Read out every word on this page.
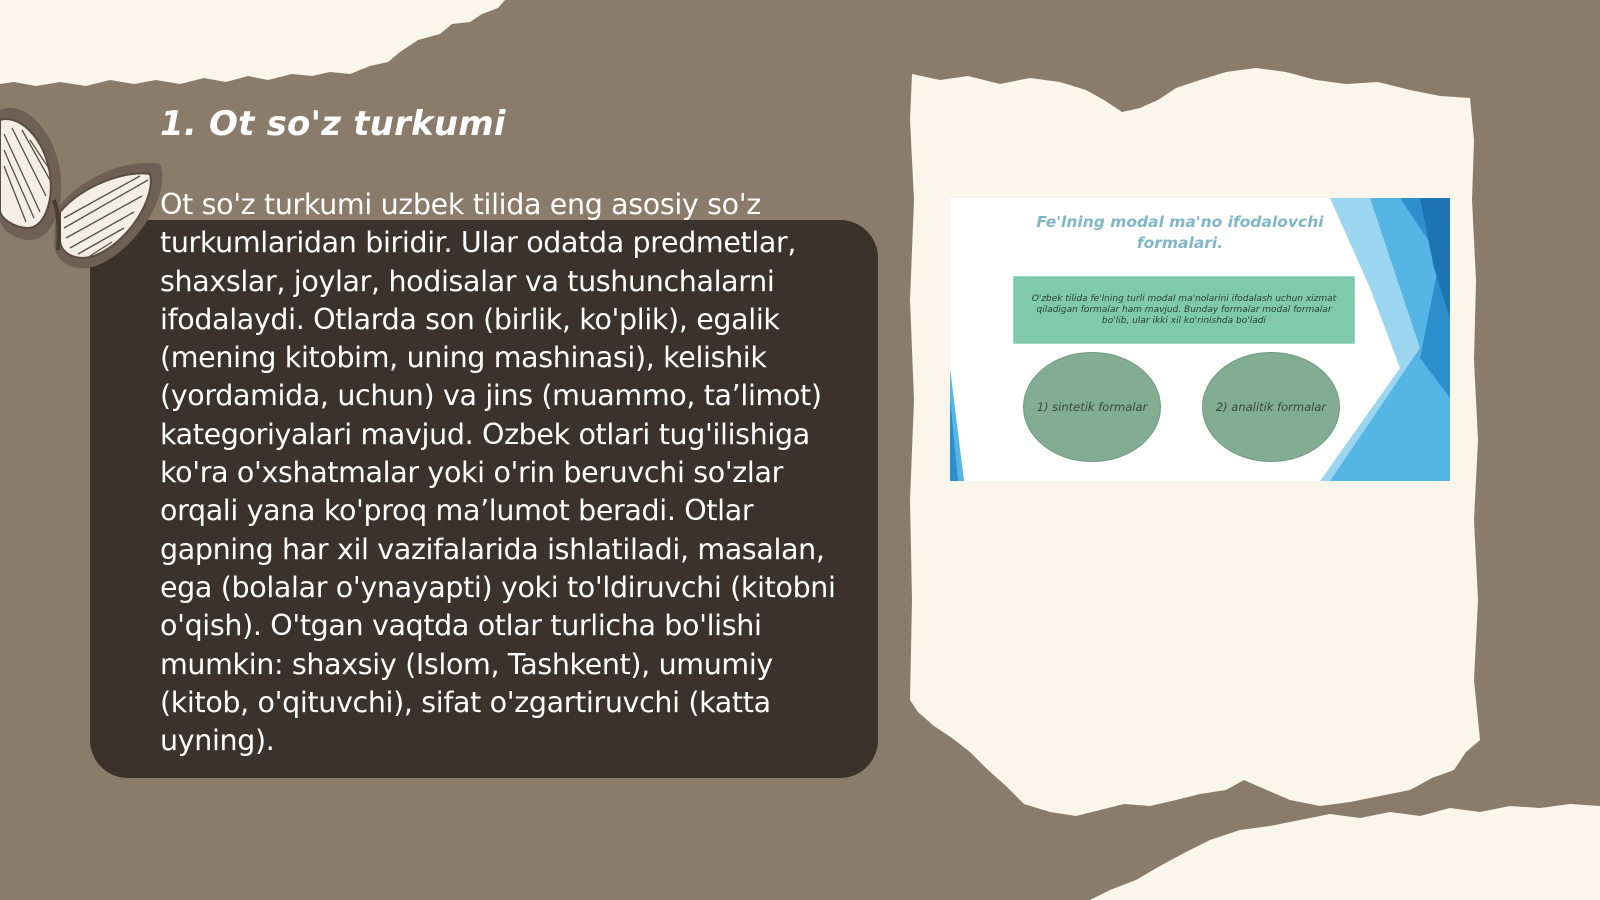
1. Ot so'z turkumi

Ot so'z turkumi uzbek tilida eng asosiy so'z turkumlaridan biridir. Ular odatda predmetlar, shaxslar, joylar, hodisalar va tushunchalarni ifodalaydi. Otlarda son (birlik, ko'plik), egalik (mening kitobim, uning mashinasi), kelishik (yordamida, uchun) va jins (muammo, ta’limot) kategoriyalari mavjud. Ozbek otlari tug'ilishiga ko'ra o'xshatmalar yoki o'rin beruvchi so'zlar orqali yana ko'proq ma’lumot beradi. Otlar gapning har xil vazifalarida ishlatiladi, masalan, ega (bolalar o'ynayapti) yoki to'ldiruvchi (kitobni o'qish). O'tgan vaqtda otlar turlicha bo'lishi mumkin: shaxsiy (Islom, Tashkent), umumiy (kitob, o'qituvchi), sifat o'zgartiruvchi (katta uyning).

Fe'lning modal ma'no ifodalovchi formalari.
O'zbek tilida fe'lning turli modal ma'nolarini ifodalash uchun xizmat qiladigan formalar ham mavjud. Bunday formalar modal formalar bo'lib, ular ikki xil ko'rinishda bo'ladi
1) sintetik formalar	2) analitik formalar
